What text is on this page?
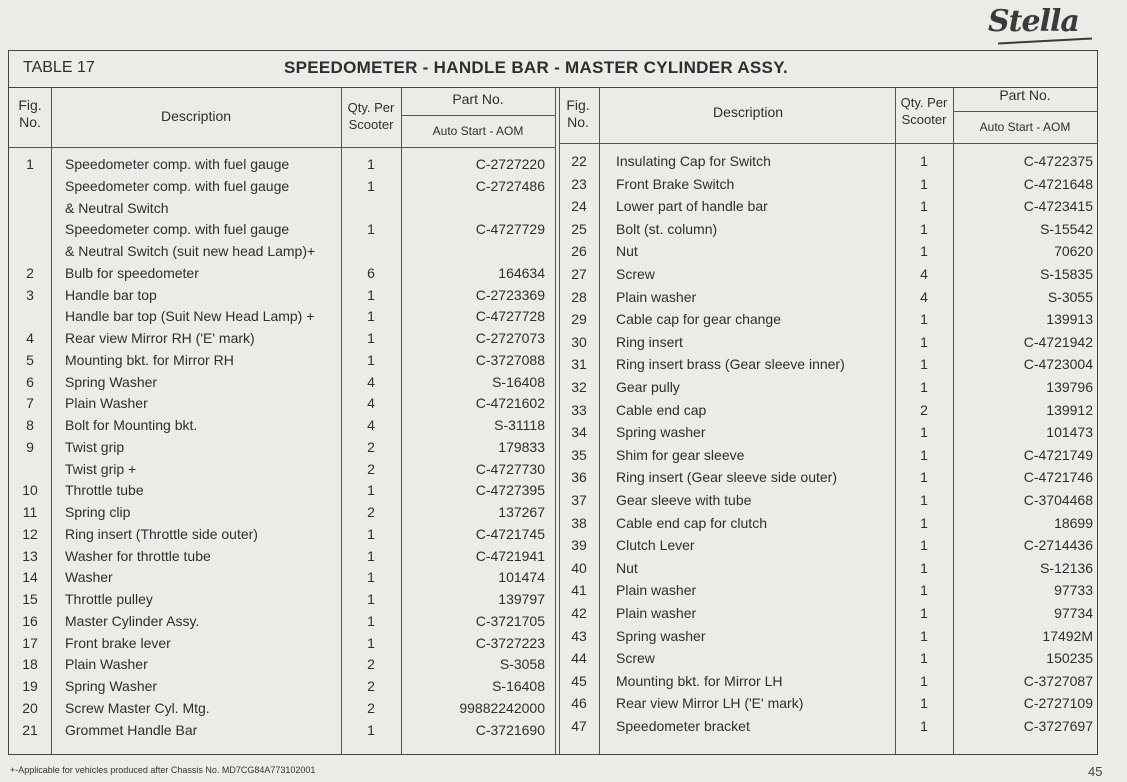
Stella
TABLE 17	SPEEDOMETER - HANDLE BAR - MASTER CYLINDER ASSY.
Fig.
No.	Description
Qty. Per
Scooter
Part No.
Auto Start - AOM
Fig.
No.
Description
Qty. Per
Scooter
Part No.
Auto Start - AOM
1	Speedometer comp. with fuel gauge	1	C-2727220
Speedometer comp. with fuel gauge	1	C-2727486
& Neutral Switch
Speedometer comp. with fuel gauge	1	C-4727729
& Neutral Switch (suit new head Lamp)+
2	Bulb for speedometer	6	164634
3	Handle bar top	1	C-2723369
Handle bar top (Suit New Head Lamp) +	1	C-4727728
4	Rear view Mirror RH ('E' mark)	1	C-2727073
5	Mounting bkt. for Mirror RH	1	C-3727088
6	Spring Washer	4	S-16408
7	Plain Washer	4	C-4721602
8	Bolt for Mounting bkt.	4	S-31118
9	Twist grip	2	179833
Twist grip +	2	C-4727730
10	Throttle tube	1	C-4727395
11	Spring clip	2	137267
12	Ring insert (Throttle side outer)	1	C-4721745
13	Washer for throttle tube	1	C-4721941
14	Washer	1	101474
15	Throttle pulley	1	139797
16	Master Cylinder Assy.	1	C-3721705
17	Front brake lever	1	C-3727223
18	Plain Washer	2	S-3058
19	Spring Washer	2	S-16408
20	Screw Master Cyl. Mtg.	2	99882242000
21	Grommet Handle Bar	1	C-3721690
22	Insulating Cap for Switch	1	C-4722375
23	Front Brake Switch	1	C-4721648
24	Lower part of handle bar	1	C-4723415
25	Bolt (st. column)	1	S-15542
26	Nut	1	70620
27	Screw	4	S-15835
28	Plain washer	4	S-3055
29	Cable cap for gear change	1	139913
30	Ring insert	1	C-4721942
31	Ring insert brass (Gear sleeve inner)	1	C-4723004
32	Gear pully	1	139796
33	Cable end cap	2	139912
34	Spring washer	1	101473
35	Shim for gear sleeve	1	C-4721749
36	Ring insert (Gear sleeve side outer)	1	C-4721746
37	Gear sleeve with tube	1	C-3704468
38	Cable end cap for clutch	1	18699
39	Clutch Lever	1	C-2714436
40	Nut	1	S-12136
41	Plain washer	1	97733
42	Plain washer	1	97734
43	Spring washer	1	17492M
44	Screw	1	150235
45	Mounting bkt. for Mirror LH	1	C-3727087
46	Rear view Mirror LH ('E' mark)	1	C-2727109
47	Speedometer bracket	1	C-3727697
+-Applicable for vehicles produced after Chassis No. MD7CG84A773102001	45
